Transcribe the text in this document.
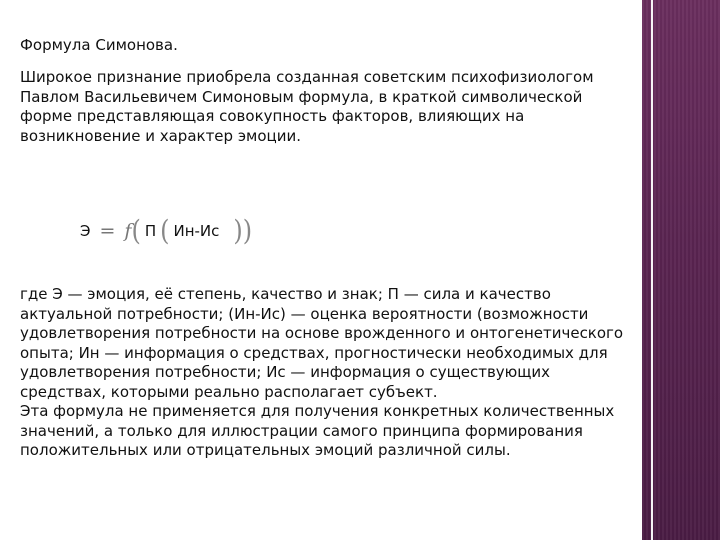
Формула Симонова.
Широкое признание приобрела созданная советским психофизиологом Павлом Васильевичем Симоновым формула, в краткой символической форме представляющая совокупность факторов, влияющих на возникновение и характер эмоции.
Э = f ( П ( Ин-Ис ))
где Э — эмоция, её степень, качество и знак; П — сила и качество актуальной потребности; (Ин-Ис) — оценка вероятности (возможности удовлетворения потребности на основе врожденного и онтогенетического опыта; Ин — информация о средствах, прогностически необходимых для удовлетворения потребности; Ис — информация о существующих средствах, которыми реально располагает субъект.
Эта формула не применяется для получения конкретных количественных значений, а только для иллюстрации самого принципа формирования положительных или отрицательных эмоций различной силы.
